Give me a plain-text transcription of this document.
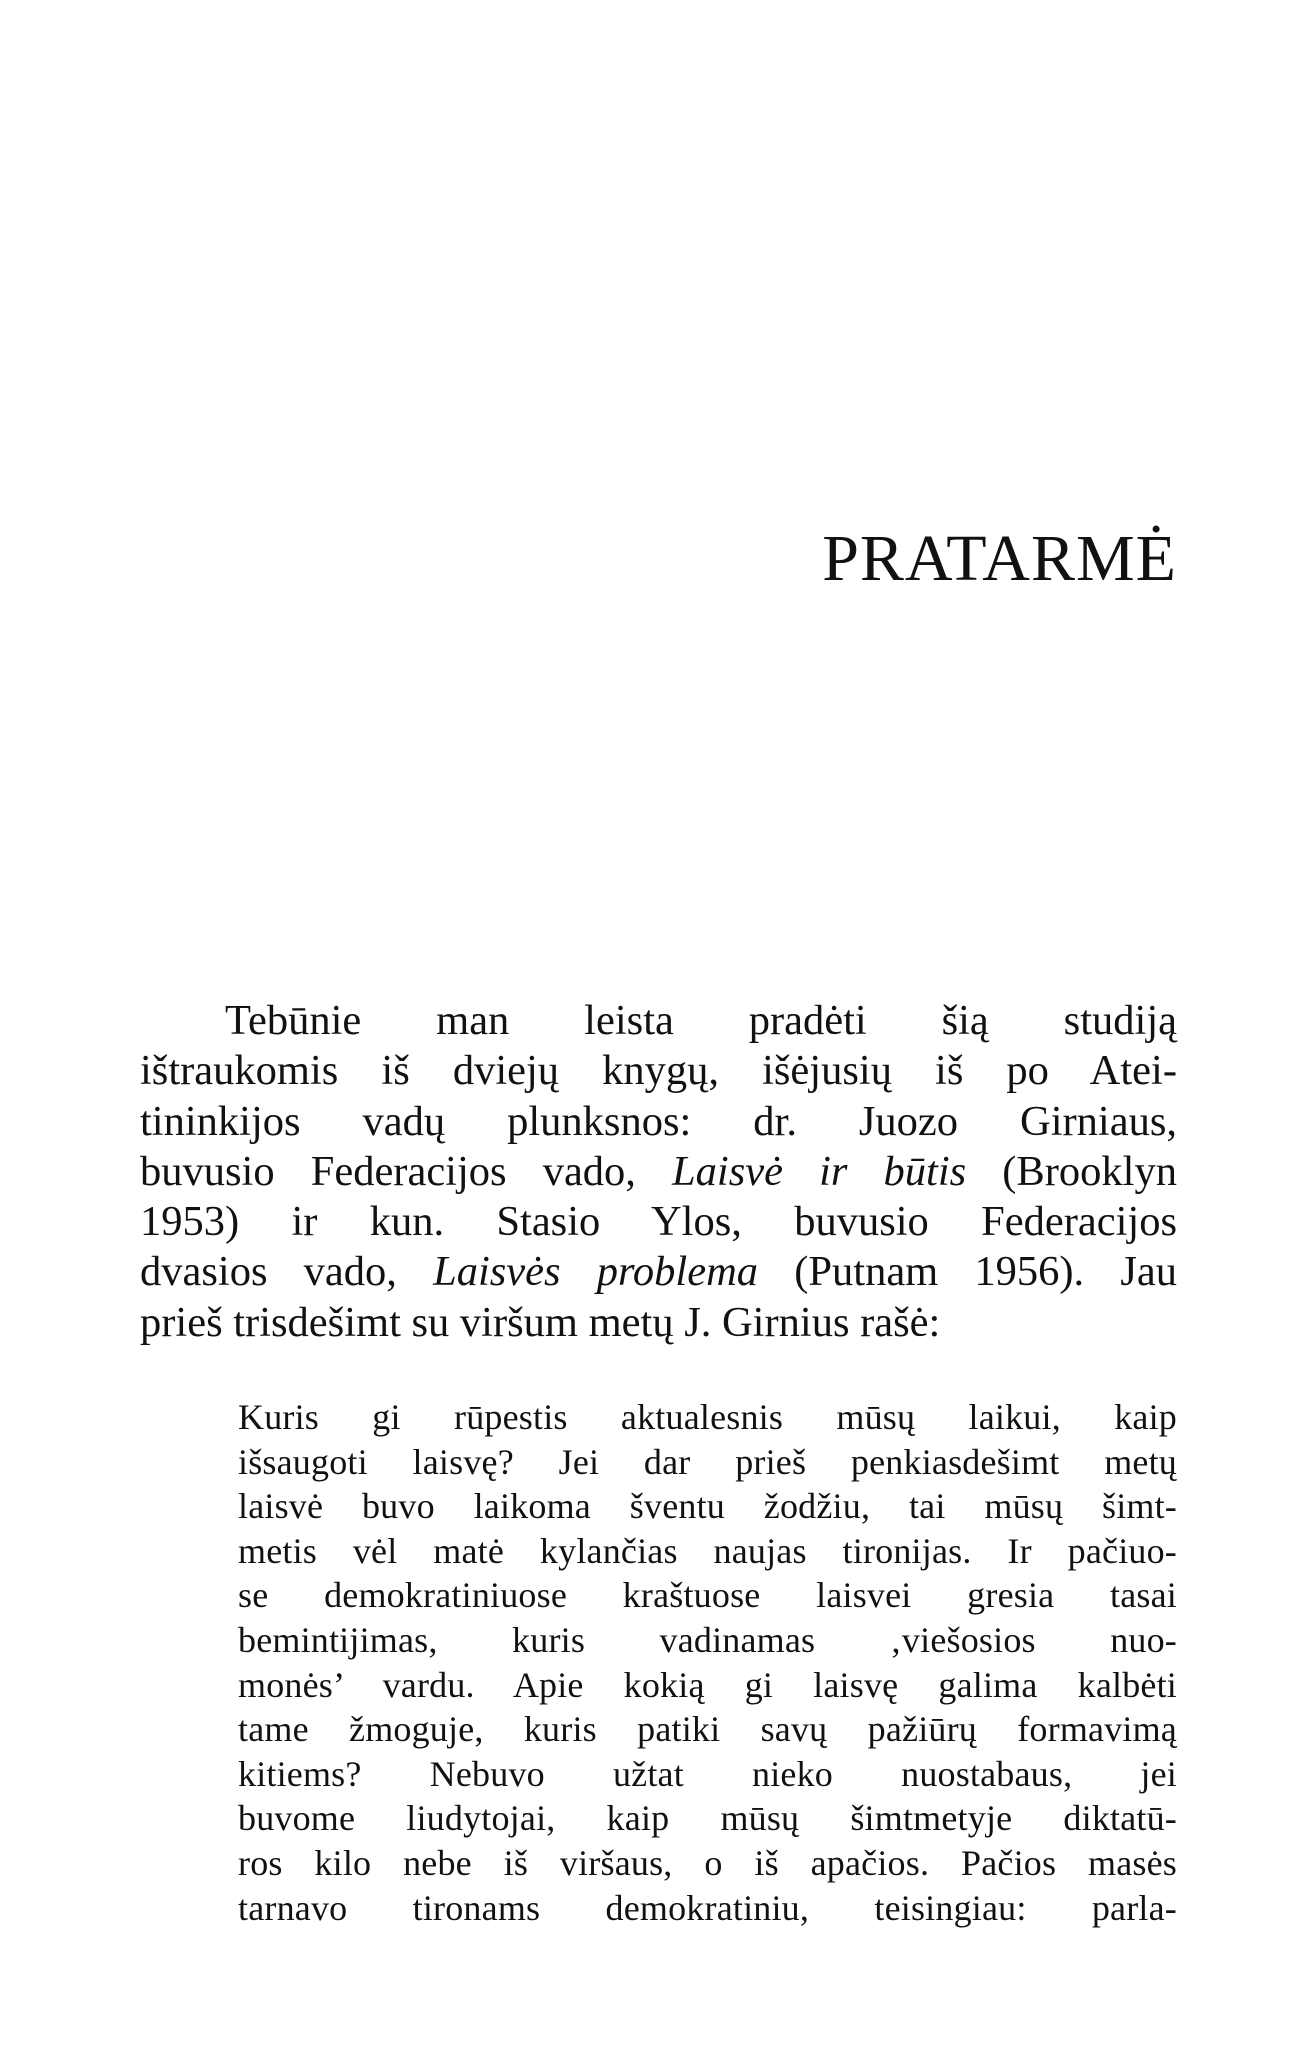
PRATARMĖ
Tebūnie man leista pradėti šią studiją
ištraukomis iš dviejų knygų, išėjusių iš po Atei-
tininkijos vadų plunksnos: dr. Juozo Girniaus,
buvusio Federacijos vado, Laisvė ir būtis (Brooklyn
1953) ir kun. Stasio Ylos, buvusio Federacijos
dvasios vado, Laisvės problema (Putnam 1956). Jau
prieš trisdešimt su viršum metų J. Girnius rašė:
Kuris gi rūpestis aktualesnis mūsų laikui, kaip
išsaugoti laisvę? Jei dar prieš penkiasdešimt metų
laisvė buvo laikoma šventu žodžiu, tai mūsų šimt-
metis vėl matė kylančias naujas tironijas. Ir pačiuo-
se demokratiniuose kraštuose laisvei gresia tasai
bemintijimas, kuris vadinamas ‚viešosios nuo-
monės’ vardu. Apie kokią gi laisvę galima kalbėti
tame žmoguje, kuris patiki savų pažiūrų formavimą
kitiems? Nebuvo užtat nieko nuostabaus, jei
buvome liudytojai, kaip mūsų šimtmetyje diktatū-
ros kilo nebe iš viršaus, o iš apačios. Pačios masės
tarnavo tironams demokratiniu, teisingiau: parla-
